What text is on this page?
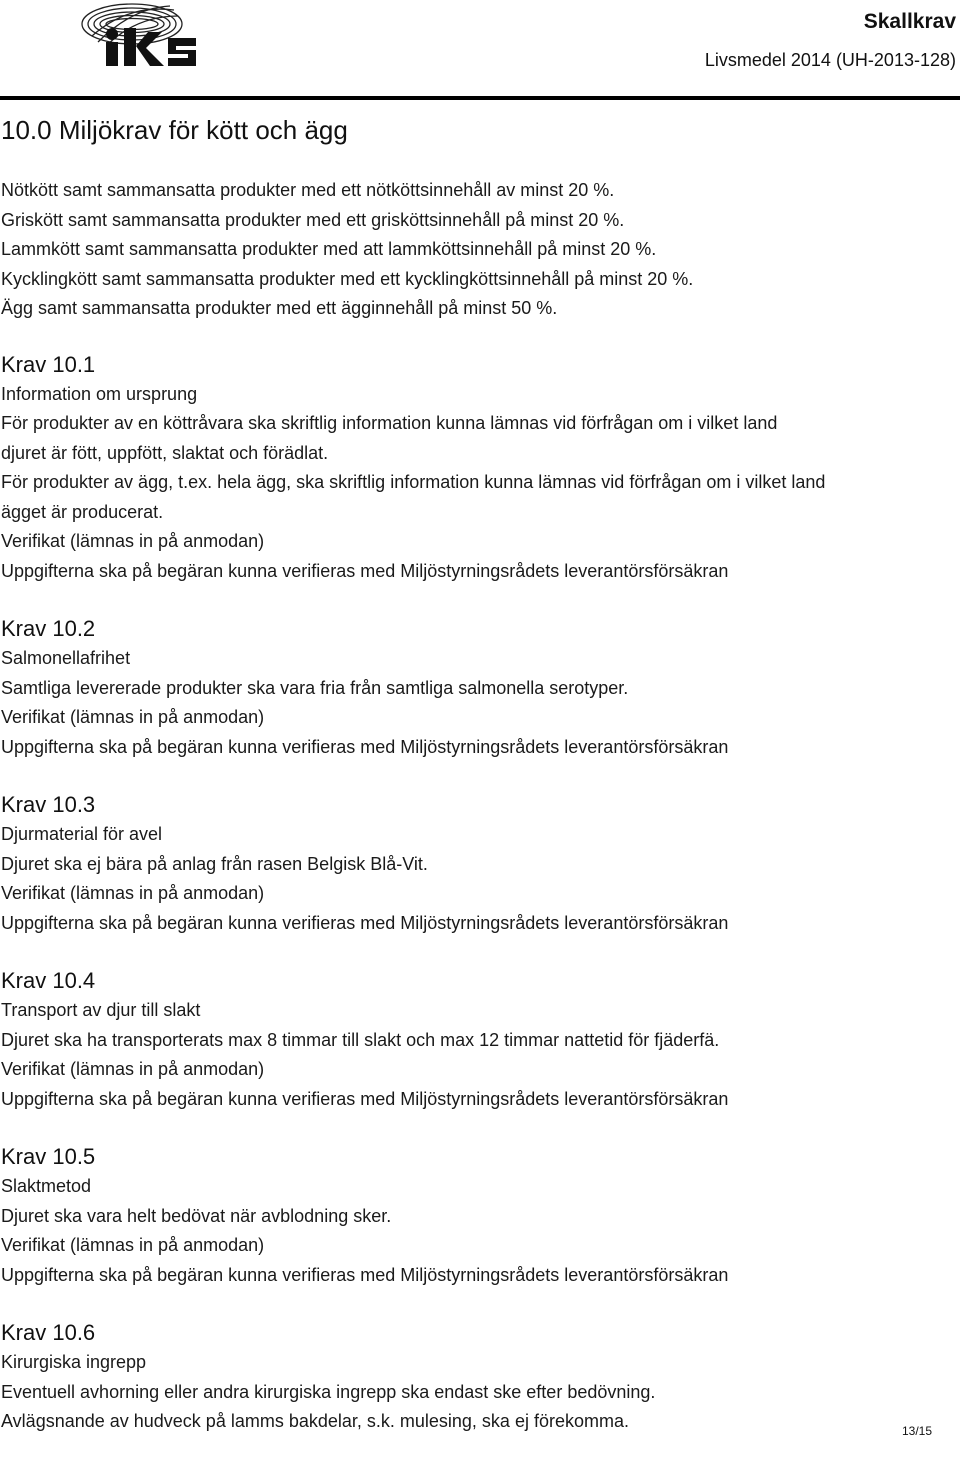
Skallkrav
Livsmedel 2014 (UH-2013-128)
10.0 Miljökrav för kött och ägg

Nötkött samt sammansatta produkter med ett nötköttsinnehåll av minst 20 %.

Griskött samt sammansatta produkter med ett grisköttsinnehåll på minst 20 %.

Lammkött samt sammansatta produkter med att lammköttsinnehåll på minst 20 %.

Kycklingkött samt sammansatta produkter med ett kycklingköttsinnehåll på minst 20 %.

Ägg samt sammansatta produkter med ett ägginnehåll på minst 50 %.

Krav 10.1

Information om ursprung

För produkter av en köttråvara ska skriftlig information kunna lämnas vid förfrågan om i vilket land

djuret är fött, uppfött, slaktat och förädlat.

För produkter av ägg, t.ex. hela ägg, ska skriftlig information kunna lämnas vid förfrågan om i vilket land

ägget är producerat.

Verifikat (lämnas in på anmodan)

Uppgifterna ska på begäran kunna verifieras med Miljöstyrningsrådets leverantörsförsäkran

Krav 10.2

Salmonellafrihet

Samtliga levererade produkter ska vara fria från samtliga salmonella serotyper.

Verifikat (lämnas in på anmodan)

Uppgifterna ska på begäran kunna verifieras med Miljöstyrningsrådets leverantörsförsäkran

Krav 10.3

Djurmaterial för avel

Djuret ska ej bära på anlag från rasen Belgisk Blå-Vit.

Verifikat (lämnas in på anmodan)

Uppgifterna ska på begäran kunna verifieras med Miljöstyrningsrådets leverantörsförsäkran

Krav 10.4

Transport av djur till slakt

Djuret ska ha transporterats max 8 timmar till slakt och max 12 timmar nattetid för fjäderfä.

Verifikat (lämnas in på anmodan)

Uppgifterna ska på begäran kunna verifieras med Miljöstyrningsrådets leverantörsförsäkran

Krav 10.5

Slaktmetod

Djuret ska vara helt bedövat när avblodning sker.

Verifikat (lämnas in på anmodan)

Uppgifterna ska på begäran kunna verifieras med Miljöstyrningsrådets leverantörsförsäkran

Krav 10.6

Kirurgiska ingrepp

Eventuell avhorning eller andra kirurgiska ingrepp ska endast ske efter bedövning.

Avlägsnande av hudveck på lamms bakdelar, s.k. mulesing, ska ej förekomma.	13/15
